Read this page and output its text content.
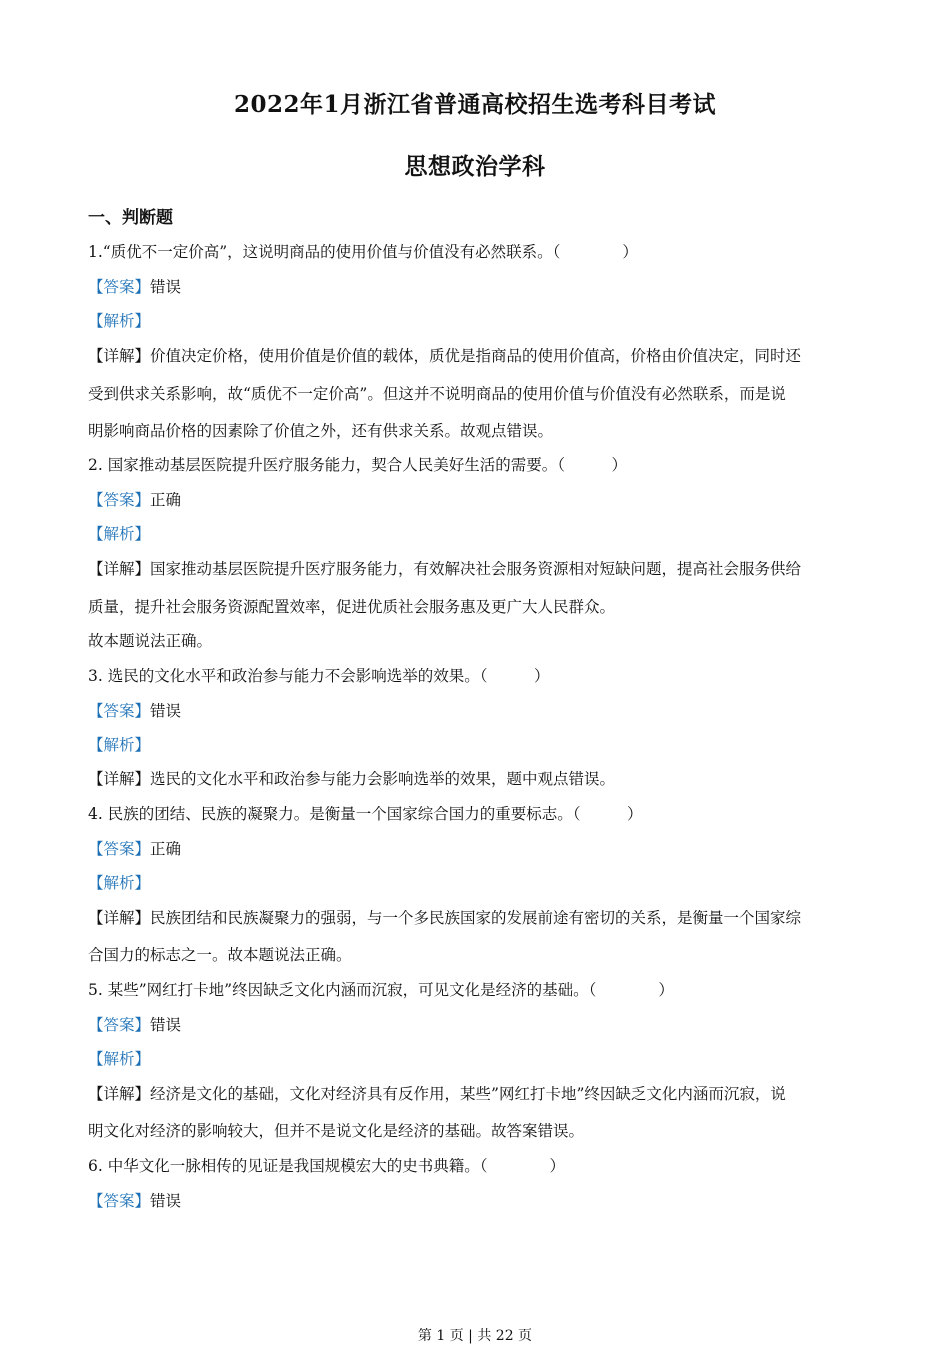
2022年1月浙江省普通高校招生选考科目考试
思想政治学科
一、判断题
1.“质优不一定价高”，这说明商品的使用价值与价值没有必然联系。（　　　　）
【答案】错误
【解析】
【详解】价值决定价格，使用价值是价值的载体，质优是指商品的使用价值高，价格由价值决定，同时还
受到供求关系影响，故“质优不一定价高”。但这并不说明商品的使用价值与价值没有必然联系，而是说
明影响商品价格的因素除了价值之外，还有供求关系。故观点错误。
2. 国家推动基层医院提升医疗服务能力，契合人民美好生活的需要。（　　　）
【答案】正确
【解析】
【详解】国家推动基层医院提升医疗服务能力，有效解决社会服务资源相对短缺问题，提高社会服务供给
质量，提升社会服务资源配置效率，促进优质社会服务惠及更广大人民群众。
故本题说法正确。
3. 选民的文化水平和政治参与能力不会影响选举的效果。（　　　）
【答案】错误
【解析】
【详解】选民的文化水平和政治参与能力会影响选举的效果，题中观点错误。
4. 民族的团结、民族的凝聚力。是衡量一个国家综合国力的重要标志。（　　　）
【答案】正确
【解析】
【详解】民族团结和民族凝聚力的强弱，与一个多民族国家的发展前途有密切的关系，是衡量一个国家综
合国力的标志之一。故本题说法正确。
5. 某些”网红打卡地”终因缺乏文化内涵而沉寂，可见文化是经济的基础。（　　　　）
【答案】错误
【解析】
【详解】经济是文化的基础，文化对经济具有反作用，某些”网红打卡地”终因缺乏文化内涵而沉寂，说
明文化对经济的影响较大，但并不是说文化是经济的基础。故答案错误。
6. 中华文化一脉相传的见证是我国规模宏大的史书典籍。（　　　　）
【答案】错误
第 1 页 | 共 22 页
